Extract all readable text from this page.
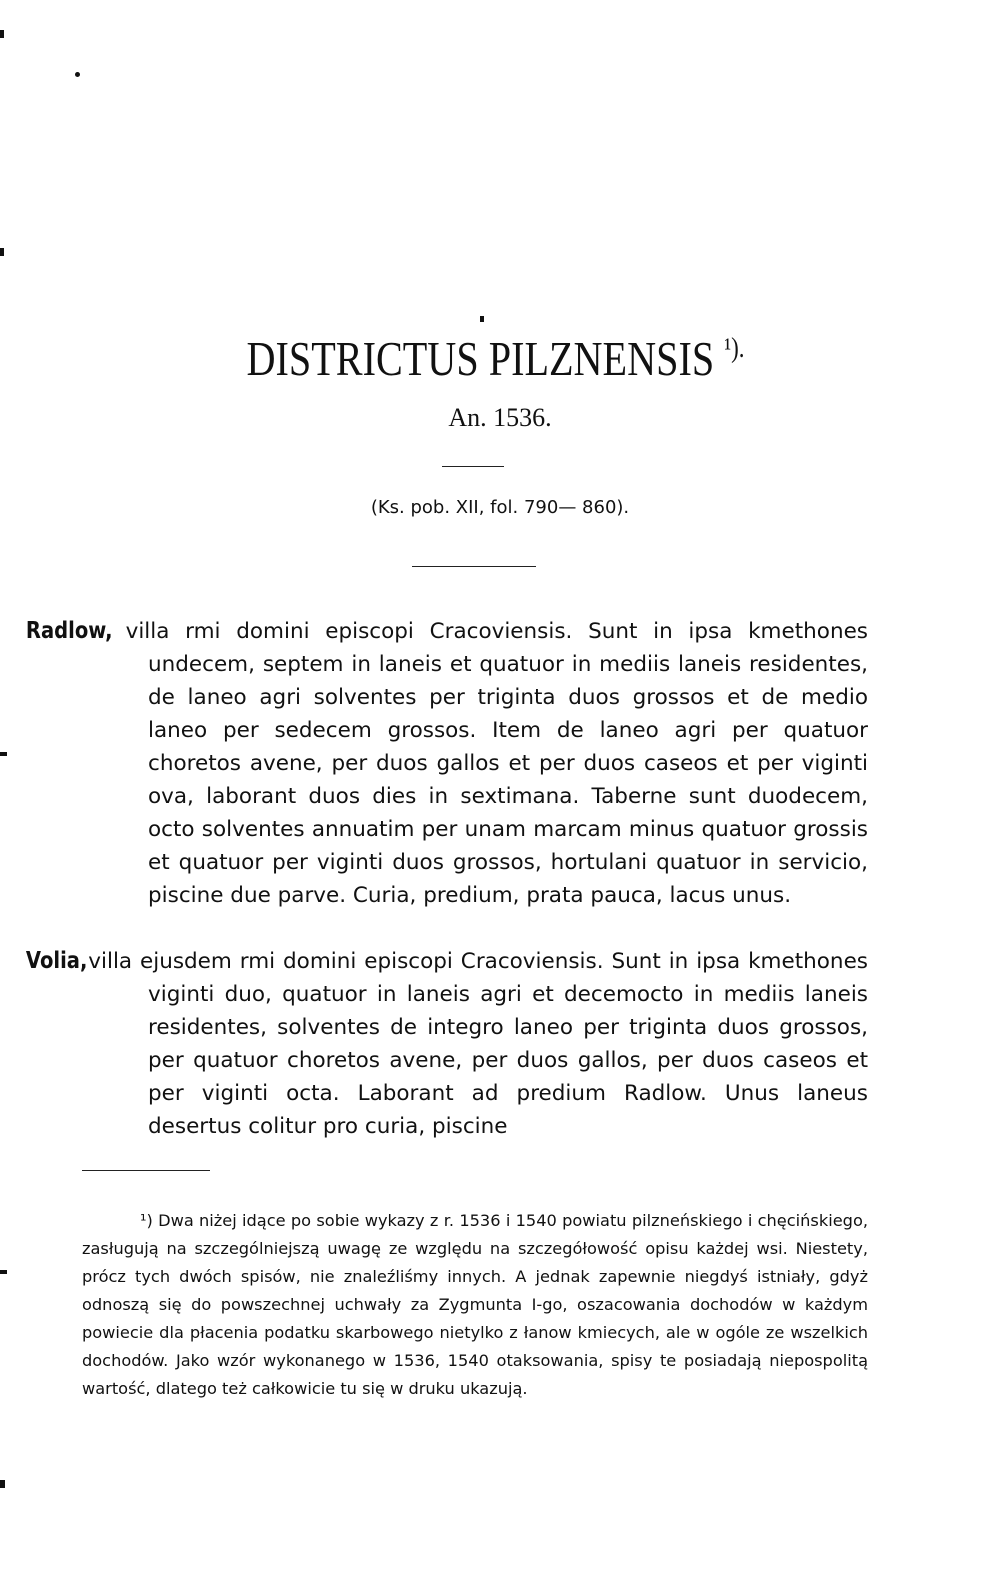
DISTRICTUS PILZNENSIS $^{^1).}$
An. 1536.
(Ks. pob. XII, fol. 790— 860).
Radlow, villa rmi domini episcopi Cracoviensis. Sunt in ipsa kmethones undecem, septem in laneis et quatuor in mediis laneis residentes, de laneo agri solventes per triginta duos grossos et de medio laneo per sedecem grossos. Item de laneo agri per quatuor choretos avene, per duos gallos et per duos caseos et per viginti ova, laborant duos dies in sextimana. Taberne sunt duodecem, octo solventes annuatim per unam marcam minus quatuor grossis et quatuor per viginti duos grossos, hortulani quatuor in servicio, piscine due parve. Curia, predium, prata pauca, lacus unus.
Volia, villa ejusdem rmi domini episcopi Cracoviensis. Sunt in ipsa kmethones viginti duo, quatuor in laneis agri et decemocto in mediis laneis residentes, solventes de integro laneo per triginta duos grossos, per quatuor choretos avene, per duos gallos, per duos caseos et per viginti octa. Laborant ad predium Radlow. Unus laneus desertus colitur pro curia, piscine
¹) Dwa niżej idące po sobie wykazy z r. 1536 i 1540 powiatu pilzneńskiego i chęcińskiego, zasługują na szczególniejszą uwagę ze względu na szczegółowość opisu każdej wsi. Niestety, prócz tych dwóch spisów, nie znaleźliśmy innych. A jednak zapewnie niegdyś istniały, gdyż odnoszą się do powszechnej uchwały za Zygmunta I-go, oszacowania dochodów w każdym powiecie dla płacenia podatku skarbowego nietylko z łanow kmiecych, ale w ogóle ze wszelkich dochodów. Jako wzór wykonanego w 1536, 1540 otaksowania, spisy te posiadają niepospolitą wartość, dlatego też całkowicie tu się w druku ukazują.
